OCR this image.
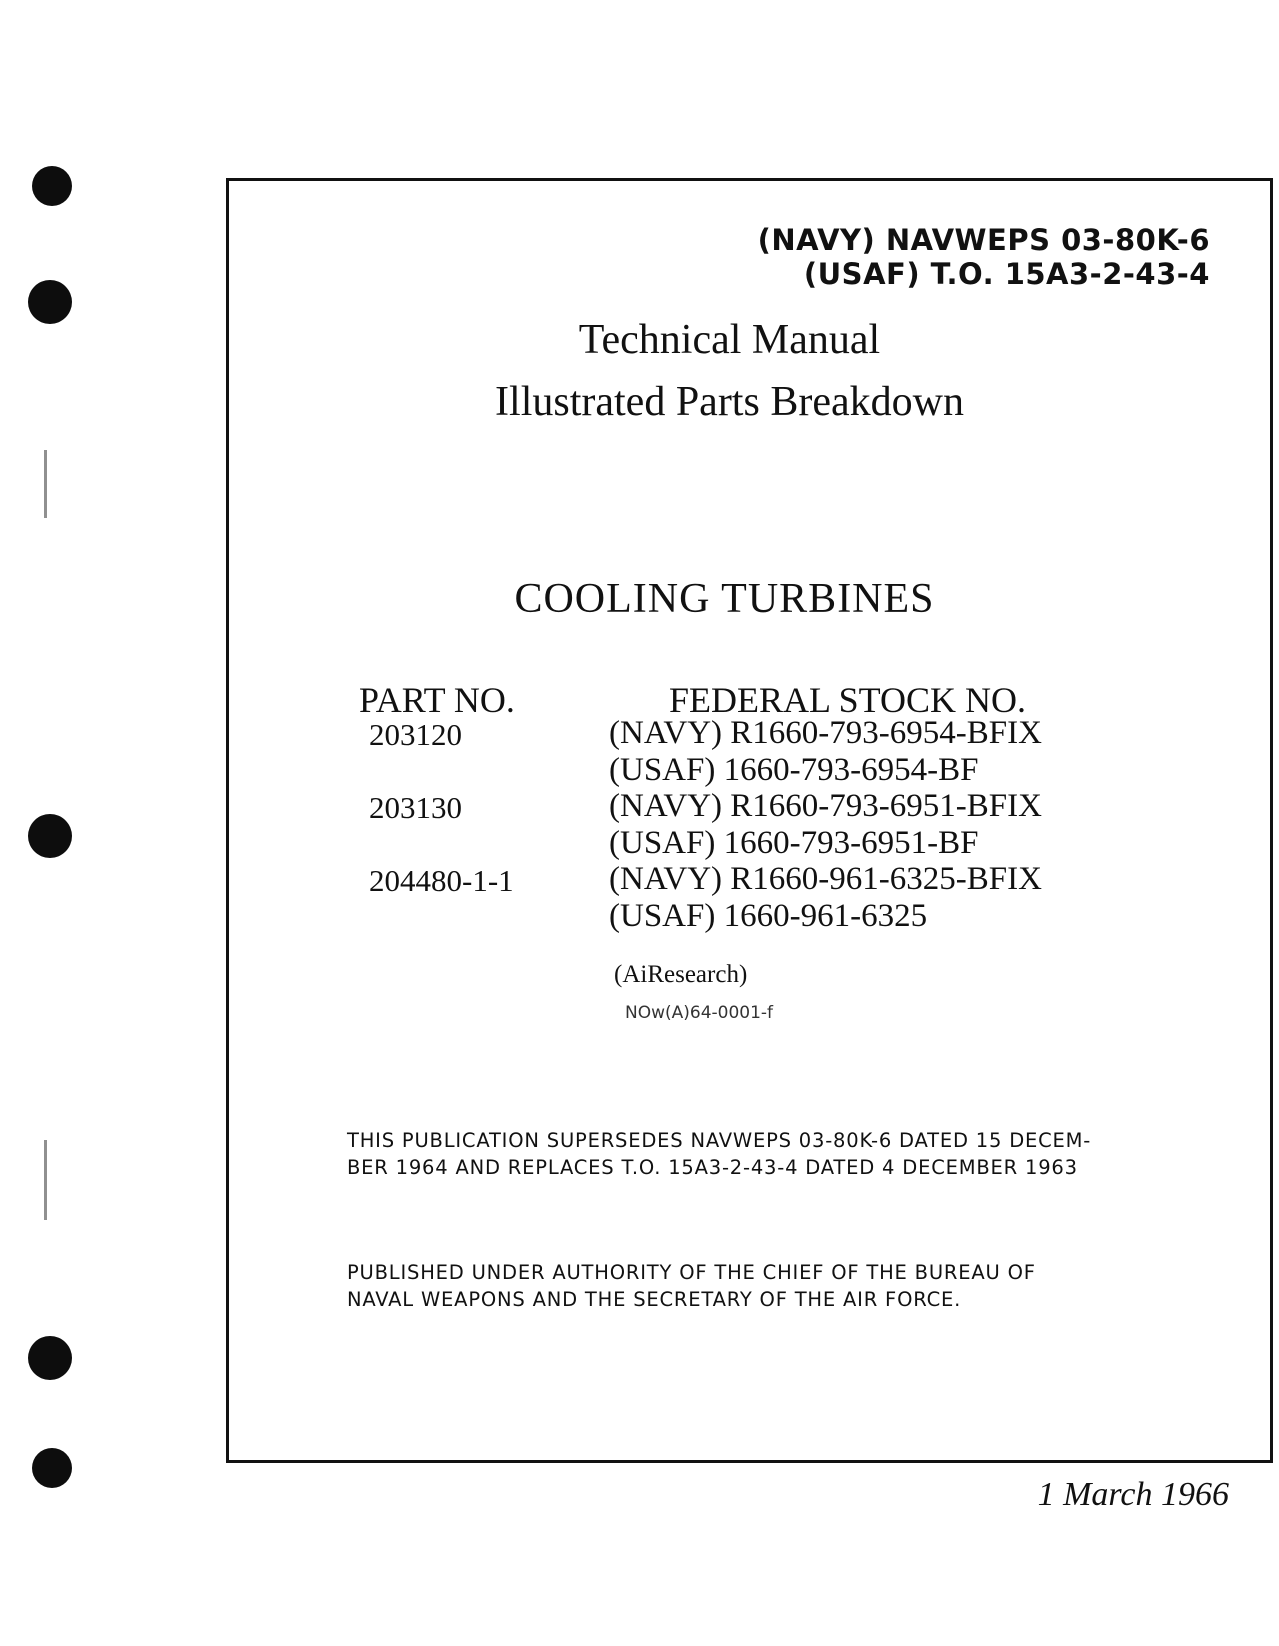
(NAVY) NAVWEPS 03-80K-6
(USAF) T.O. 15A3-2-43-4
Technical Manual
Illustrated Parts Breakdown
COOLING TURBINES
PART NO.	FEDERAL STOCK NO.
203120	(NAVY) R1660-793-6954-BFIX
(USAF) 1660-793-6954-BF
203130	(NAVY) R1660-793-6951-BFIX
(USAF) 1660-793-6951-BF
204480-1-1	(NAVY) R1660-961-6325-BFIX
(USAF) 1660-961-6325
(AiResearch)
NOw(A)64-0001-f
THIS PUBLICATION SUPERSEDES NAVWEPS 03-80K-6 DATED 15 DECEM-
BER 1964 AND REPLACES T.O. 15A3-2-43-4 DATED 4 DECEMBER 1963
PUBLISHED UNDER AUTHORITY OF THE CHIEF OF THE BUREAU OF
NAVAL WEAPONS AND THE SECRETARY OF THE AIR FORCE.
1 March 1966
